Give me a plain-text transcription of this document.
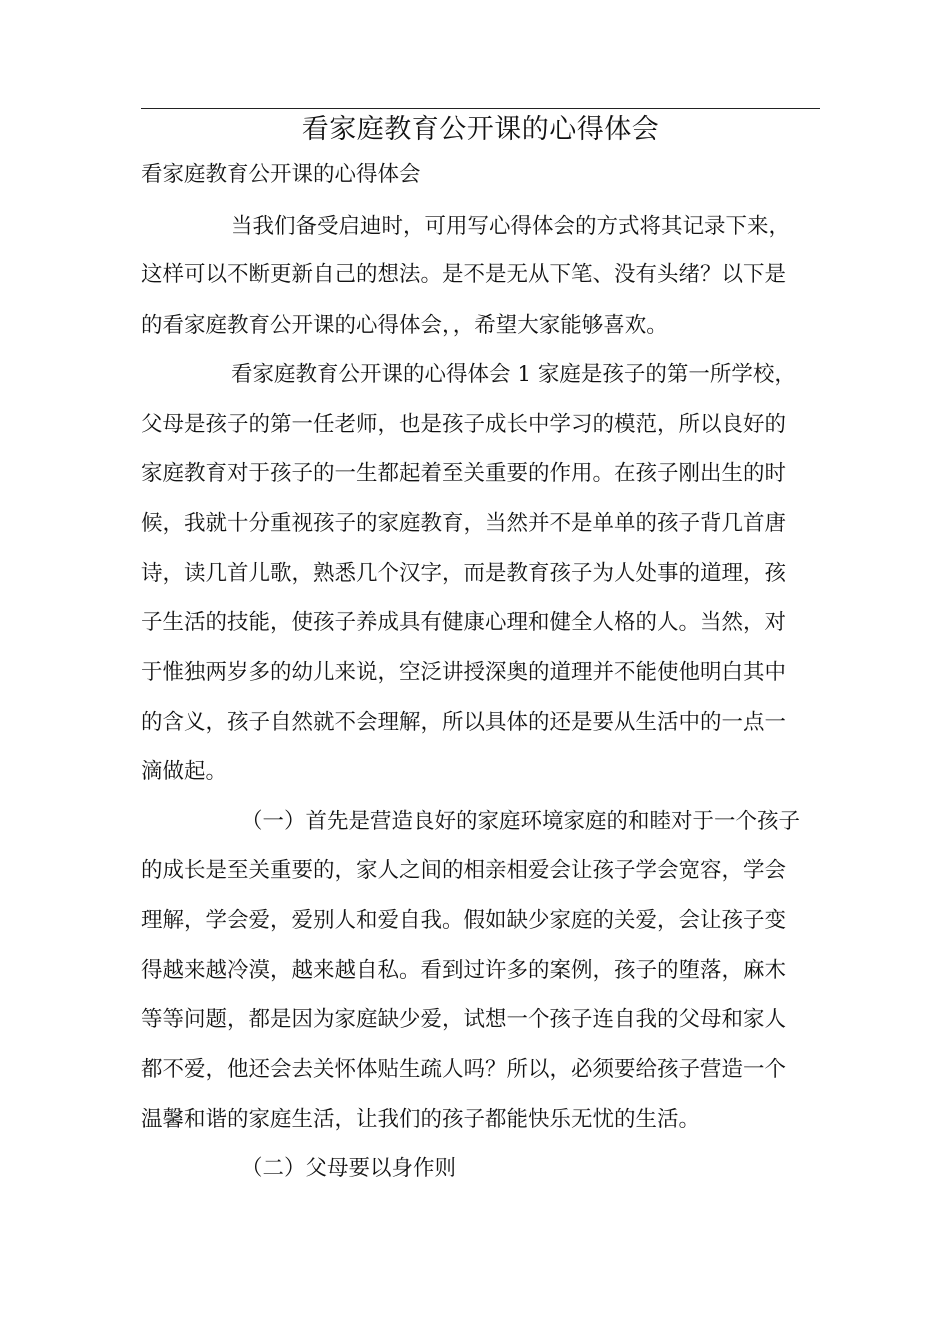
看家庭教育公开课的心得体会
看家庭教育公开课的心得体会
当我们备受启迪时，可用写心得体会的方式将其记录下来，
这样可以不断更新自己的想法。是不是无从下笔、没有头绪？以下是
的看家庭教育公开课的心得体会，，希望大家能够喜欢。
看家庭教育公开课的心得体会 1 家庭是孩子的第一所学校，
父母是孩子的第一任老师，也是孩子成长中学习的模范，所以良好的
家庭教育对于孩子的一生都起着至关重要的作用。在孩子刚出生的时
候，我就十分重视孩子的家庭教育，当然并不是单单的孩子背几首唐
诗，读几首儿歌，熟悉几个汉字，而是教育孩子为人处事的道理，孩
子生活的技能，使孩子养成具有健康心理和健全人格的人。当然，对
于惟独两岁多的幼儿来说，空泛讲授深奥的道理并不能使他明白其中
的含义，孩子自然就不会理解，所以具体的还是要从生活中的一点一
滴做起。
（一）首先是营造良好的家庭环境家庭的和睦对于一个孩子
的成长是至关重要的，家人之间的相亲相爱会让孩子学会宽容，学会
理解，学会爱，爱别人和爱自我。假如缺少家庭的关爱，会让孩子变
得越来越冷漠，越来越自私。看到过许多的案例，孩子的堕落，麻木
等等问题，都是因为家庭缺少爱，试想一个孩子连自我的父母和家人
都不爱，他还会去关怀体贴生疏人吗？所以，必须要给孩子营造一个
温馨和谐的家庭生活，让我们的孩子都能快乐无忧的生活。
（二）父母要以身作则
